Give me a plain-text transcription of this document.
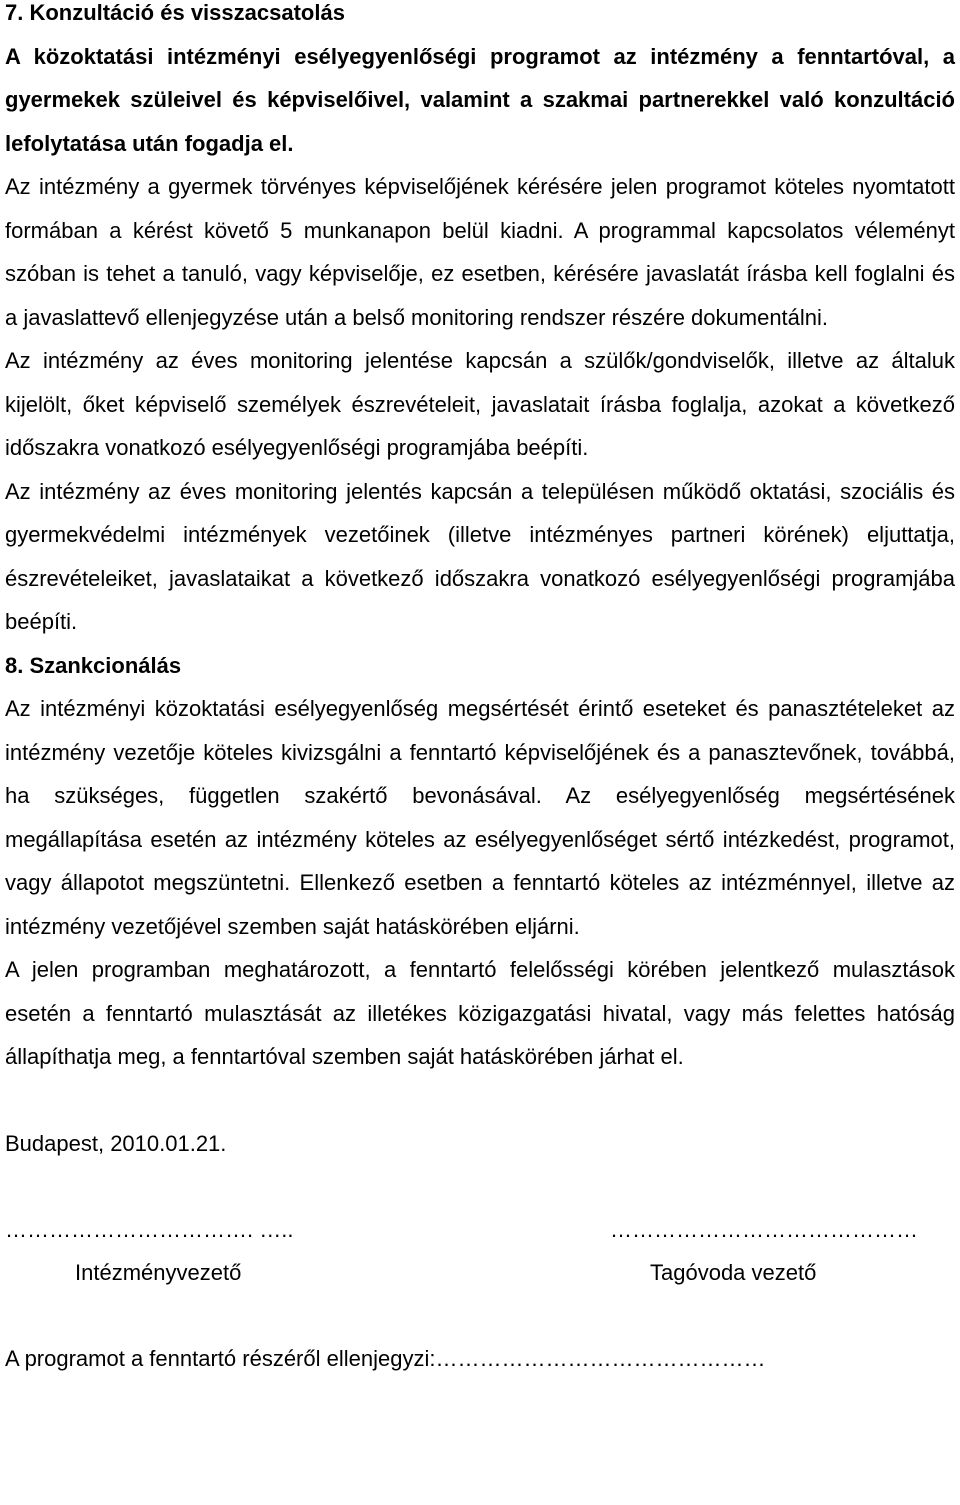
7. Konzultáció és visszacsatolás

A közoktatási intézményi esélyegyenlőségi programot az intézmény a fenntartóval, a gyermekek szüleivel és képviselőivel, valamint a szakmai partnerekkel való konzultáció lefolytatása után fogadja el.

Az intézmény a gyermek törvényes képviselőjének kérésére jelen programot köteles nyomtatott formában a kérést követő 5 munkanapon belül kiadni. A programmal kapcsolatos véleményt szóban is tehet a tanuló, vagy képviselője, ez esetben, kérésére javaslatát írásba kell foglalni és a javaslattevő ellenjegyzése után a belső monitoring rendszer részére dokumentálni.

Az intézmény az éves monitoring jelentése kapcsán a szülők/gondviselők, illetve az általuk kijelölt, őket képviselő személyek észrevételeit, javaslatait írásba foglalja, azokat a következő időszakra vonatkozó esélyegyenlőségi programjába beépíti.

Az intézmény az éves monitoring jelentés kapcsán a településen működő oktatási, szociális és gyermekvédelmi intézmények vezetőinek (illetve intézményes partneri körének) eljuttatja, észrevételeiket, javaslataikat a következő időszakra vonatkozó esélyegyenlőségi programjába beépíti.

8. Szankcionálás

Az intézményi közoktatási esélyegyenlőség megsértését érintő eseteket és panasztételeket az intézmény vezetője köteles kivizsgálni a fenntartó képviselőjének és a panasztevőnek, továbbá, ha szükséges, független szakértő bevonásával. Az esélyegyenlőség megsértésének megállapítása esetén az intézmény köteles az esélyegyenlőséget sértő intézkedést, programot, vagy állapotot megszüntetni. Ellenkező esetben a fenntartó köteles az intézménnyel, illetve az intézmény vezetőjével szemben saját hatáskörében eljárni.

A jelen programban meghatározott, a fenntartó felelősségi körében jelentkező mulasztások esetén a fenntartó mulasztását az illetékes közigazgatási hivatal, vagy más felettes hatóság állapíthatja meg, a fenntartóval szemben saját hatáskörében járhat el.

Budapest, 2010.01.21.

……………………………. …..	……………………………………
Intézményvezető	Tagóvoda vezető

A programot a fenntartó részéről ellenjegyzi:………………………………………
